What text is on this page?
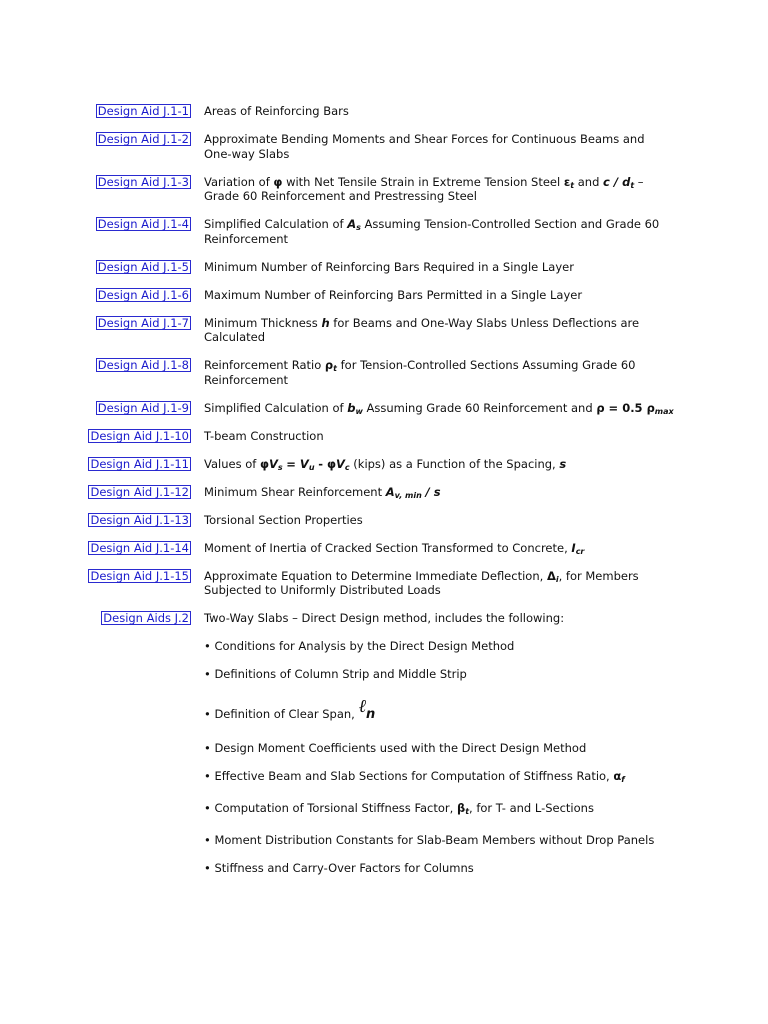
Design Aid J.1-1 Areas of Reinforcing Bars
Design Aid J.1-2 Approximate Bending Moments and Shear Forces for Continuous Beams and One-way Slabs
Design Aid J.1-3 Variation of φ with Net Tensile Strain in Extreme Tension Steel $\varepsilon_t$ and c / $d_t$ – Grade 60 Reinforcement and Prestressing Steel
Design Aid J.1-4 Simplified Calculation of $A_s$ Assuming Tension-Controlled Section and Grade 60 Reinforcement
Design Aid J.1-5 Minimum Number of Reinforcing Bars Required in a Single Layer
Design Aid J.1-6 Maximum Number of Reinforcing Bars Permitted in a Single Layer
Design Aid J.1-7 Minimum Thickness h for Beams and One-Way Slabs Unless Deflections are Calculated
Design Aid J.1-8 Reinforcement Ratio $\rho_t$ for Tension-Controlled Sections Assuming Grade 60 Reinforcement
Design Aid J.1-9 Simplified Calculation of $b_w$ Assuming Grade 60 Reinforcement and ρ = 0.5 $\rho_{max}$
Design Aid J.1-10 T-beam Construction
Design Aid J.1-11 Values of $\varphi V_s = V_u - \varphi V_c$ (kips) as a Function of the Spacing, s
Design Aid J.1-12 Minimum Shear Reinforcement $A_{v, min}$ / s
Design Aid J.1-13 Torsional Section Properties
Design Aid J.1-14 Moment of Inertia of Cracked Section Transformed to Concrete, $I_{cr}$
Design Aid J.1-15 Approximate Equation to Determine Immediate Deflection, $\Delta_i$, for Members Subjected to Uniformly Distributed Loads
Design Aids J.2 Two-Way Slabs – Direct Design method, includes the following:
• Conditions for Analysis by the Direct Design Method
• Definitions of Column Strip and Middle Strip
• Definition of Clear Span, ℓ$_n$
• Design Moment Coefficients used with the Direct Design Method
• Effective Beam and Slab Sections for Computation of Stiffness Ratio, $\alpha_f$
• Computation of Torsional Stiffness Factor, $\beta_t$, for T- and L-Sections
• Moment Distribution Constants for Slab-Beam Members without Drop Panels
• Stiffness and Carry-Over Factors for Columns
